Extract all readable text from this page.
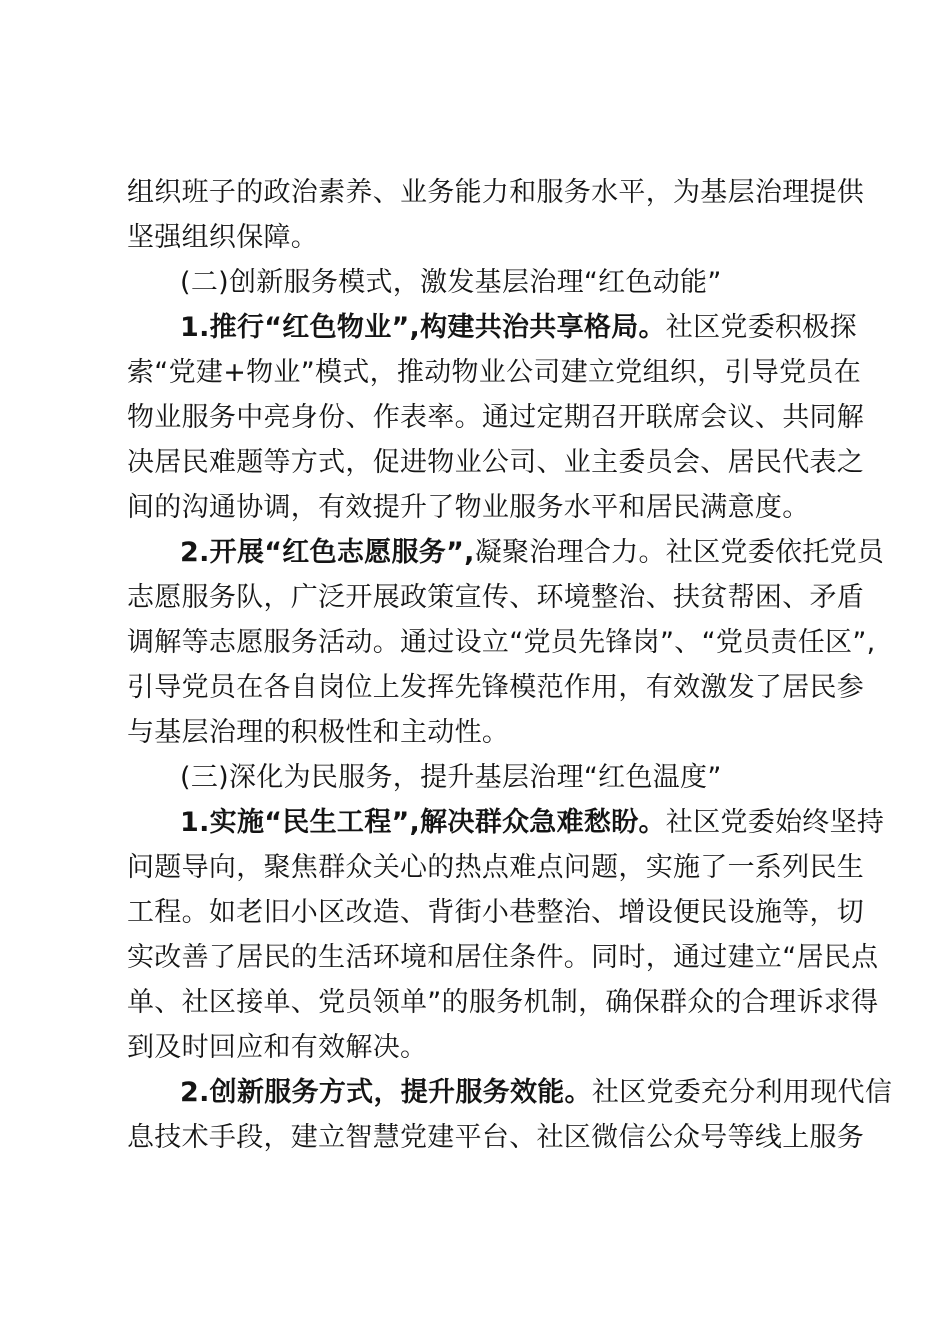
组织班子的政治素养、业务能力和服务水平，为基层治理提供
坚强组织保障。
(二)创新服务模式，激发基层治理“红色动能”
1.推行“红色物业”,构建共治共享格局。社区党委积极探
索“党建+物业”模式，推动物业公司建立党组织，引导党员在
物业服务中亮身份、作表率。通过定期召开联席会议、共同解
决居民难题等方式，促进物业公司、业主委员会、居民代表之
间的沟通协调，有效提升了物业服务水平和居民满意度。
2.开展“红色志愿服务”,凝聚治理合力。社区党委依托党员
志愿服务队，广泛开展政策宣传、环境整治、扶贫帮困、矛盾
调解等志愿服务活动。通过设立“党员先锋岗”、“党员责任区”,
引导党员在各自岗位上发挥先锋模范作用，有效激发了居民参
与基层治理的积极性和主动性。
(三)深化为民服务，提升基层治理“红色温度”
1.实施“民生工程”,解决群众急难愁盼。社区党委始终坚持
问题导向，聚焦群众关心的热点难点问题，实施了一系列民生
工程。如老旧小区改造、背街小巷整治、增设便民设施等，切
实改善了居民的生活环境和居住条件。同时，通过建立“居民点
单、社区接单、党员领单”的服务机制，确保群众的合理诉求得
到及时回应和有效解决。
2.创新服务方式，提升服务效能。社区党委充分利用现代信
息技术手段，建立智慧党建平台、社区微信公众号等线上服务
